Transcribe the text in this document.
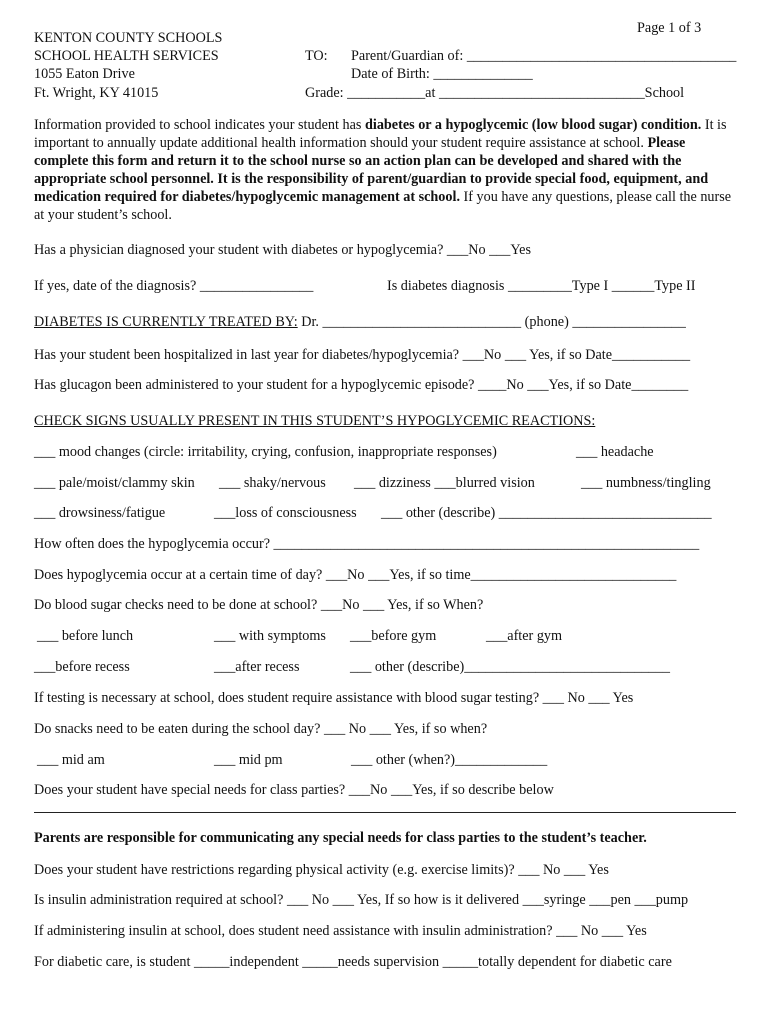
Page 1 of 3
KENTON COUNTY SCHOOLS
SCHOOL HEALTH SERVICES
1055 Eaton Drive
Ft. Wright, KY 41015
TO: Parent/Guardian of: ______________________________________
Date of Birth: ______________
Grade: ___________at _____________________________School
Information provided to school indicates your student has diabetes or a hypoglycemic (low blood sugar) condition. It is important to annually update additional health information should your student require assistance at school. Please complete this form and return it to the school nurse so an action plan can be developed and shared with the appropriate school personnel. It is the responsibility of parent/guardian to provide special food, equipment, and medication required for diabetes/hypoglycemic management at school. If you have any questions, please call the nurse at your student’s school.
Has a physician diagnosed your student with diabetes or hypoglycemia? ___No ___Yes
If yes, date of the diagnosis? ________________	Is diabetes diagnosis _________Type I ______Type II
DIABETES IS CURRENTLY TREATED BY: Dr. ____________________________ (phone) ________________
Has your student been hospitalized in last year for diabetes/hypoglycemia? ___No ___ Yes, if so Date___________
Has glucagon been administered to your student for a hypoglycemic episode? ____No ___Yes, if so Date________
CHECK SIGNS USUALLY PRESENT IN THIS STUDENT’S HYPOGLYCEMIC REACTIONS:
___ mood changes (circle: irritability, crying, confusion, inappropriate responses)	___ headache
___ pale/moist/clammy skin ___ shaky/nervous ___ dizziness ___blurred vision	___ numbness/tingling
___ drowsiness/fatigue	___loss of consciousness ___ other (describe) ______________________________
How often does the hypoglycemia occur? ____________________________________________________________
Does hypoglycemia occur at a certain time of day? ___No ___Yes, if so time_____________________________
Do blood sugar checks need to be done at school? ___No ___ Yes, if so When?
___ before lunch	___ with symptoms ___before gym	___after gym
___before recess	___after recess	___ other (describe)_____________________________
If testing is necessary at school, does student require assistance with blood sugar testing? ___ No ___ Yes
Do snacks need to be eaten during the school day? ___ No ___ Yes, if so when?
___ mid am	___ mid pm	___ other (when?)_____________
Does your student have special needs for class parties? ___No ___Yes, if so describe below
Parents are responsible for communicating any special needs for class parties to the student’s teacher.
Does your student have restrictions regarding physical activity (e.g. exercise limits)? ___ No ___ Yes
Is insulin administration required at school? ___ No ___ Yes, If so how is it delivered ___syringe ___pen ___pump
If administering insulin at school, does student need assistance with insulin administration? ___ No ___ Yes
For diabetic care, is student _____independent _____needs supervision _____totally dependent for diabetic care
